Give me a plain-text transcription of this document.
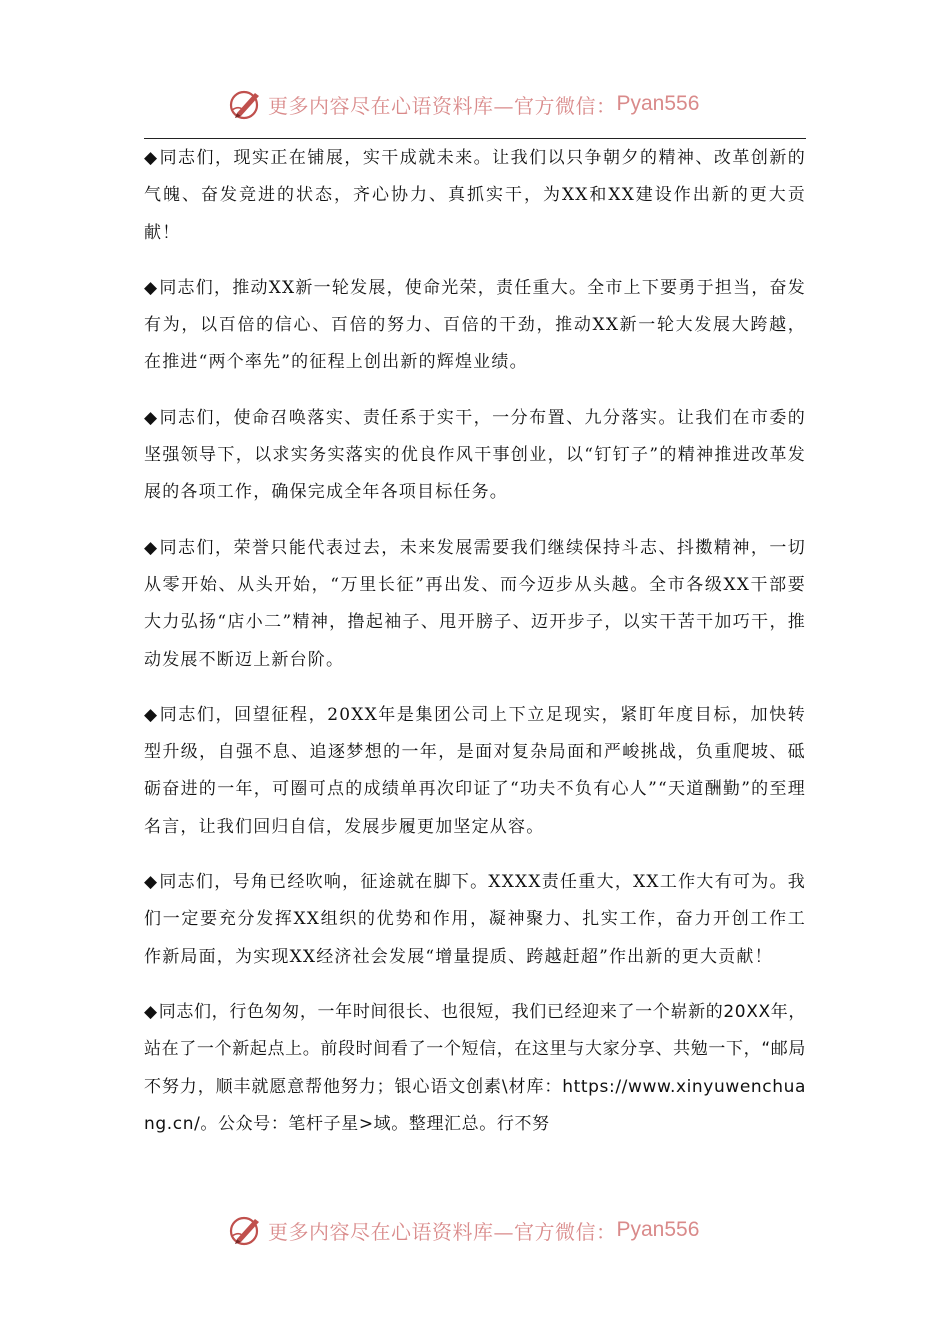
更多内容尽在心语资料库—官方微信： Pyan556

◆同志们，现实正在铺展，实干成就未来。让我们以只争朝夕的精神、改革创新的气魄、奋发竞进的状态，齐心协力、真抓实干，为XX和XX建设作出新的更大贡献！

◆同志们，推动XX新一轮发展，使命光荣，责任重大。全市上下要勇于担当，奋发有为，以百倍的信心、百倍的努力、百倍的干劲，推动XX新一轮大发展大跨越，在推进“两个率先”的征程上创出新的辉煌业绩。

◆同志们，使命召唤落实、责任系于实干，一分布置、九分落实。让我们在市委的坚强领导下，以求实务实落实的优良作风干事创业，以“钉钉子”的精神推进改革发展的各项工作，确保完成全年各项目标任务。

◆同志们，荣誉只能代表过去，未来发展需要我们继续保持斗志、抖擞精神，一切从零开始、从头开始，“万里长征”再出发、而今迈步从头越。全市各级XX干部要大力弘扬“店小二”精神，撸起袖子、甩开膀子、迈开步子，以实干苦干加巧干，推动发展不断迈上新台阶。

◆同志们，回望征程，20XX年是集团公司上下立足现实，紧盯年度目标，加快转型升级，自强不息、追逐梦想的一年，是面对复杂局面和严峻挑战，负重爬坡、砥砺奋进的一年，可圈可点的成绩单再次印证了“功夫不负有心人”“天道酬勤”的至理名言，让我们回归自信，发展步履更加坚定从容。

◆同志们，号角已经吹响，征途就在脚下。XXXX责任重大，XX工作大有可为。我们一定要充分发挥XX组织的优势和作用，凝神聚力、扎实工作，奋力开创工作工作新局面，为实现XX经济社会发展“增量提质、跨越赶超”作出新的更大贡献！

◆同志们，行色匆匆，一年时间很长、也很短，我们已经迎来了一个崭新的20XX年，站在了一个新起点上。前段时间看了一个短信，在这里与大家分享、共勉一下，“邮局不努力，顺丰就愿意帮他努力；银心语文创素\材库：https://www.xinyuwenchuang.cn/。公众号：笔杆子星>域。整理汇总。行不努

更多内容尽在心语资料库—官方微信： Pyan556
